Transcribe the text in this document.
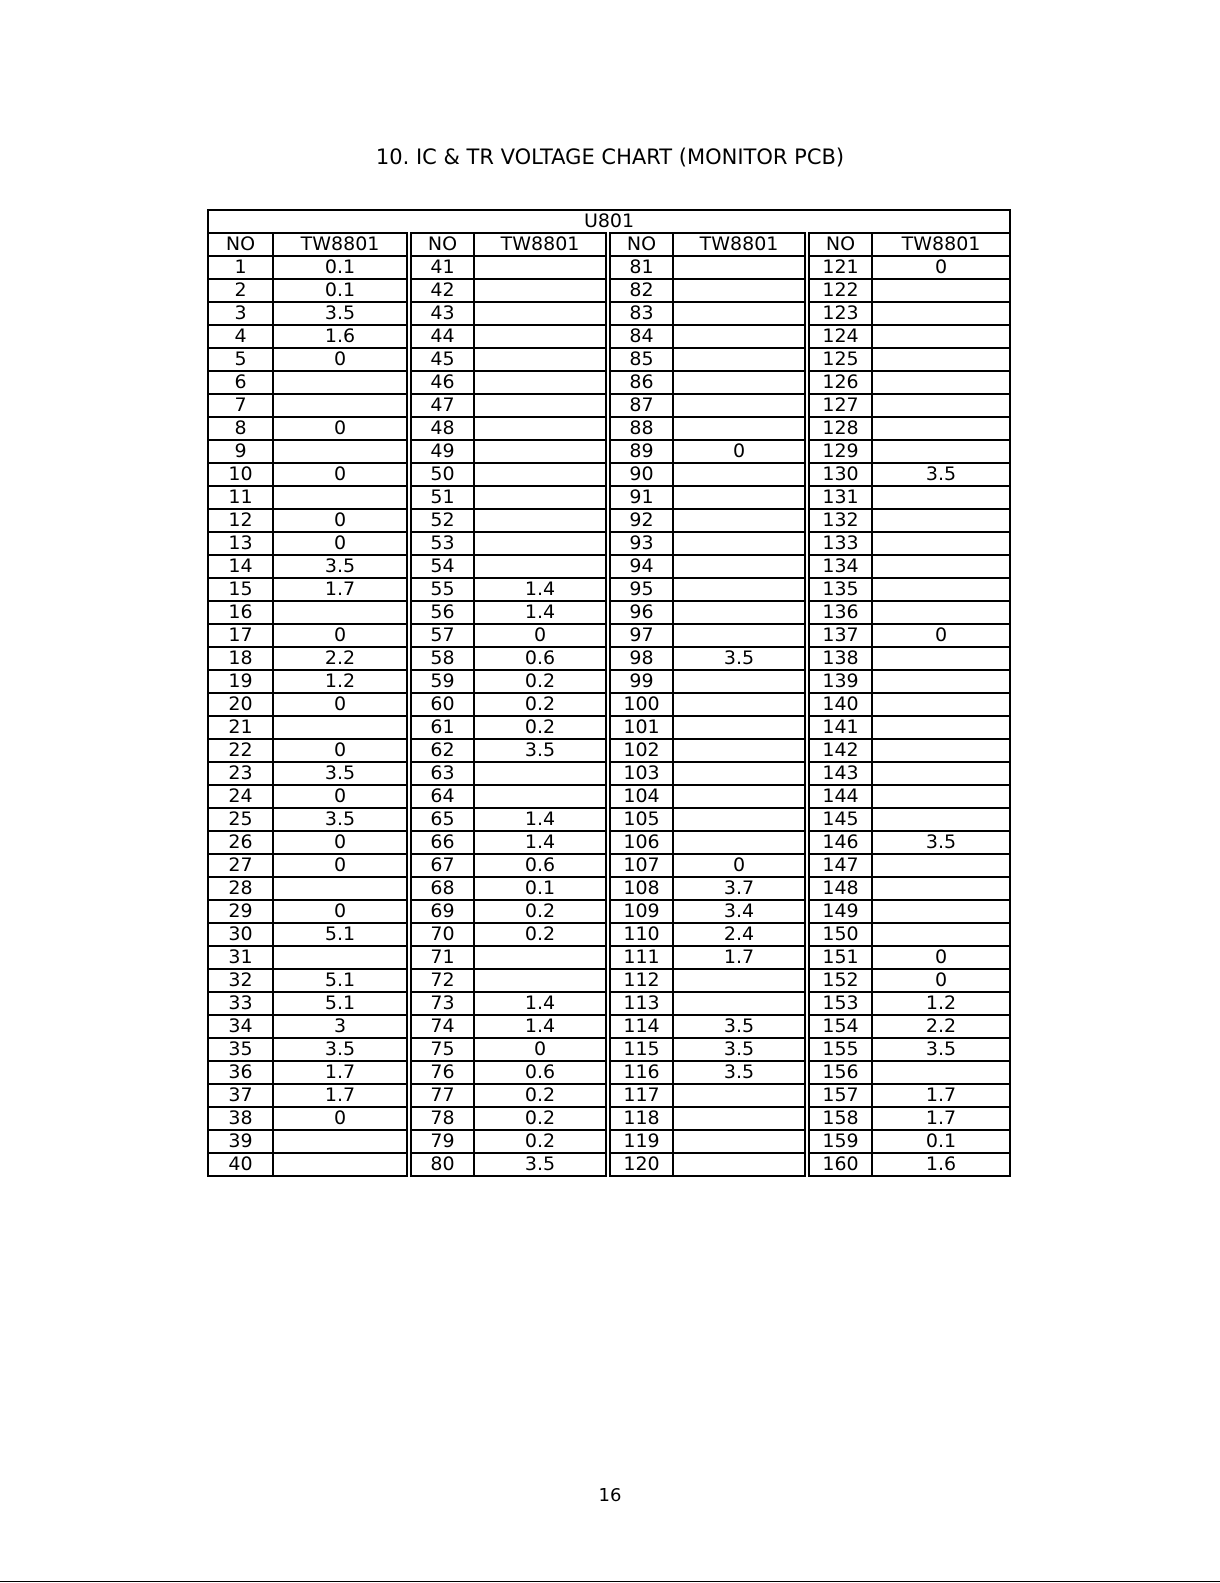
10. IC & TR VOLTAGE CHART (MONITOR PCB)
U801							
NO	TW8801	NO	TW8801	NO	TW8801	NO	TW8801
1	0.1	41		81		121	0
2	0.1	42		82		122	
3	3.5	43		83		123	
4	1.6	44		84		124	
5	0	45		85		125	
6		46		86		126	
7		47		87		127	
8	0	48		88		128	
9		49		89	0	129	
10	0	50		90		130	3.5
11		51		91		131	
12	0	52		92		132	
13	0	53		93		133	
14	3.5	54		94		134	
15	1.7	55	1.4	95		135	
16		56	1.4	96		136	
17	0	57	0	97		137	0
18	2.2	58	0.6	98	3.5	138	
19	1.2	59	0.2	99		139	
20	0	60	0.2	100		140	
21		61	0.2	101		141	
22	0	62	3.5	102		142	
23	3.5	63		103		143	
24	0	64		104		144	
25	3.5	65	1.4	105		145	
26	0	66	1.4	106		146	3.5
27	0	67	0.6	107	0	147	
28		68	0.1	108	3.7	148	
29	0	69	0.2	109	3.4	149	
30	5.1	70	0.2	110	2.4	150	
31		71		111	1.7	151	0
32	5.1	72		112		152	0
33	5.1	73	1.4	113		153	1.2
34	3	74	1.4	114	3.5	154	2.2
35	3.5	75	0	115	3.5	155	3.5
36	1.7	76	0.6	116	3.5	156	
37	1.7	77	0.2	117		157	1.7
38	0	78	0.2	118		158	1.7
39		79	0.2	119		159	0.1
40		80	3.5	120		160	1.6
16
